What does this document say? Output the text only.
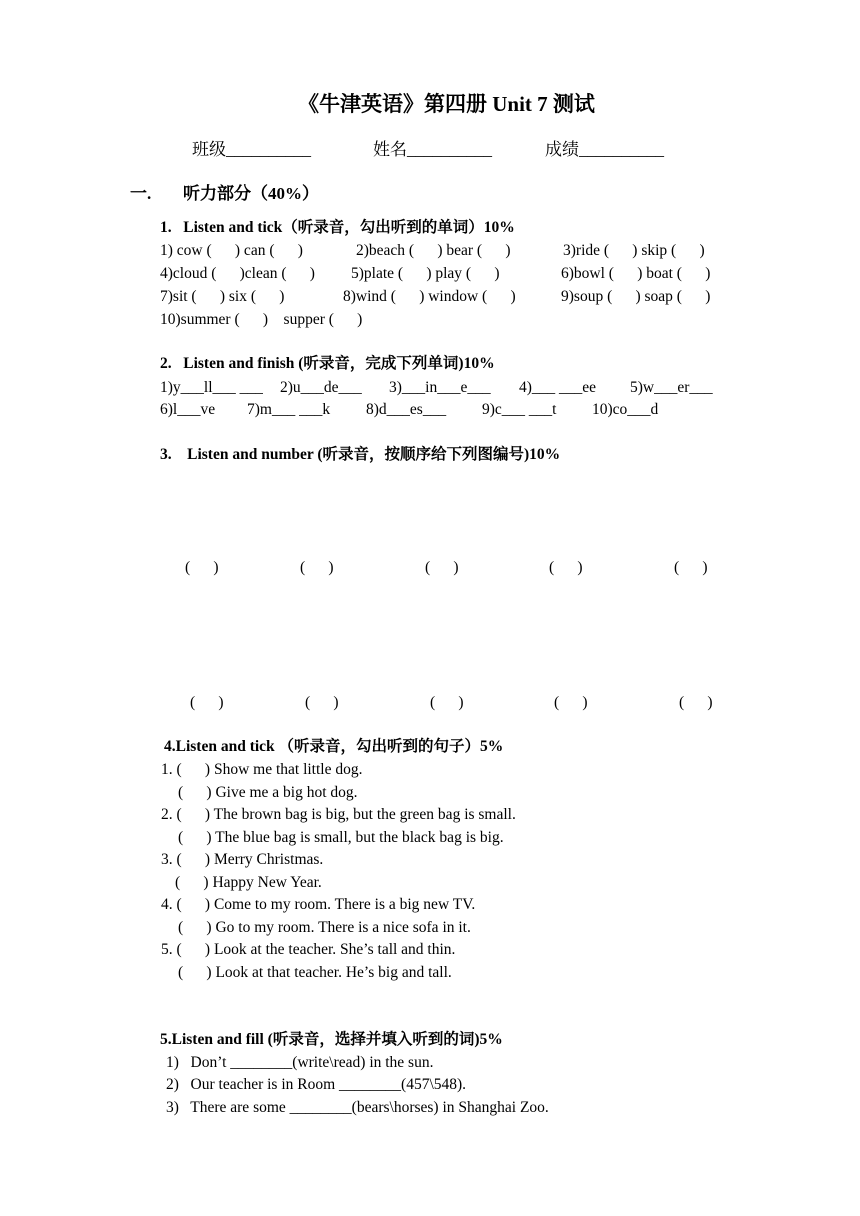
《牛津英语》第四册 Unit 7 测试
班级__________	姓名__________	成绩__________
一. 听力部分（40%）
1.   Listen and tick（听录音，勾出听到的单词）10%
1) cow (      ) can (      )	2)beach (      ) bear (      )	3)ride (      ) skip (      )
4)cloud (      )clean (      ) 5)plate (      ) play (      )	6)bowl (      ) boat (      )
7)sit (      ) six (      )	8)wind (      ) window (      )	9)soup (      ) soap (      )
10)summer (      )    supper (      )
2.   Listen and finish (听录音，完成下列单词)10%
1)y___ll___ ___ 2)u___de___ 3)___in___e___ 4)___ ___ee 5)w___er___
6)l___ve 7)m___ ___k 8)d___es___ 9)c___ ___t 10)co___d
3.    Listen and number (听录音，按顺序给下列图编号)10%
(      )	(      )	(      )	(      )	(      )
(      )	(      )	(      )	(      )	(      )
4.Listen and tick （听录音，勾出听到的句子）5%
1. (      ) Show me that little dog.
(      ) Give me a big hot dog.
2. (      ) The brown bag is big, but the green bag is small.
(      ) The blue bag is small, but the black bag is big.
3. (      ) Merry Christmas.
(      ) Happy New Year.
4. (      ) Come to my room. There is a big new TV.
(      ) Go to my room. There is a nice sofa in it.
5. (      ) Look at the teacher. She’s tall and thin.
(      ) Look at that teacher. He’s big and tall.
5.Listen and fill (听录音，选择并填入听到的词)5%
1)   Don’t ________(write\read) in the sun.
2)   Our teacher is in Room ________(457\548).
3)   There are some ________(bears\horses) in Shanghai Zoo.
